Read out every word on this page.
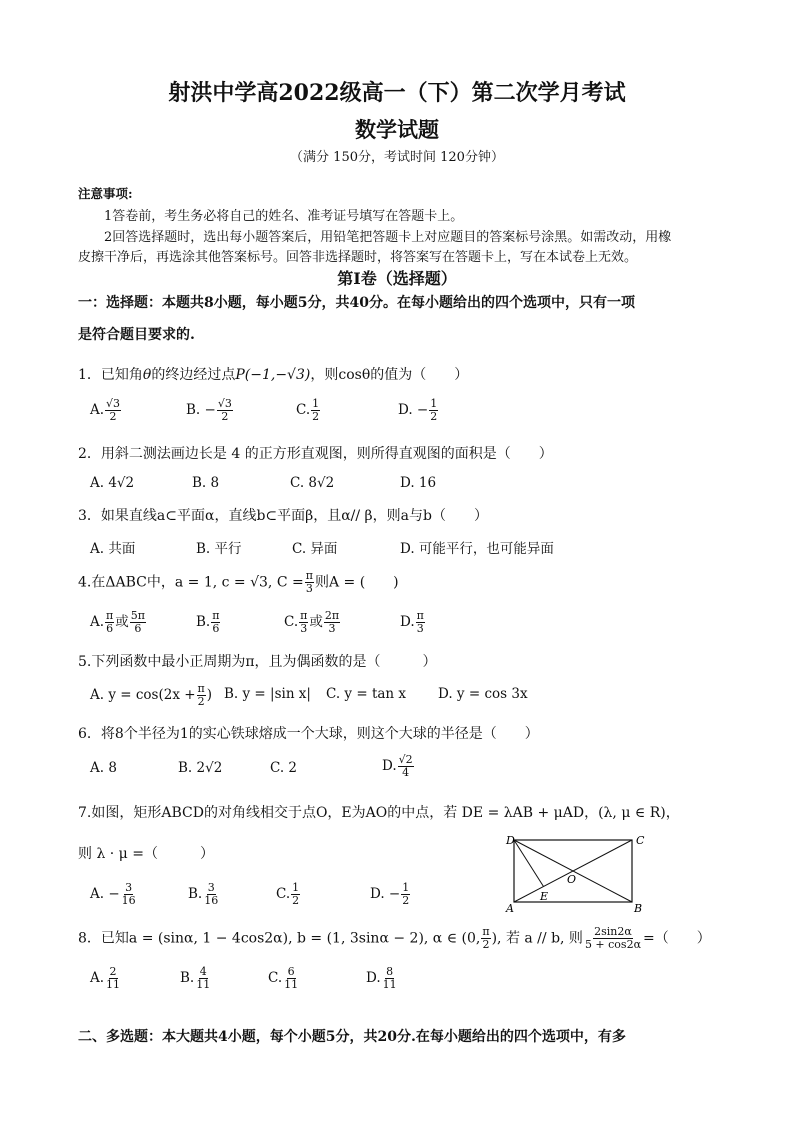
射洪中学高2022级高一（下）第二次学月考试
数学试题
（满分 150分，考试时间 120分钟）
注意事项:
1答卷前，考生务必将自己的姓名、准考证号填写在答题卡上。
2回答选择题时，选出每小题答案后，用铅笔把答题卡上对应题目的答案标号涂黑。如需改动，用橡
皮擦干净后，再选涂其他答案标号。回答非选择题时，将答案写在答题卡上，写在本试卷上无效。
第Ⅰ卷（选择题）
一：选择题：本题共8小题，每小题5分，共40分。在每小题给出的四个选项中，只有一项
是符合题目要求的.
1．已知角θ的终边经过点P(−1,−√3)，则cosθ的值为（　　）
A. $\frac{√3}{2}$	B. − $\frac{√3}{2}$	C. $\frac{1}{2}$	D. − $\frac{1}{2}$
2．用斜二测法画边长是 4 的正方形直观图，则所得直观图的面积是（　　）
A. 4√2	B. 8	C. 8√2	D. 16
3．如果直线a⊂平面α，直线b⊂平面β，且α// β，则a与b（　　）
A. 共面	B. 平行	C. 异面	D. 可能平行，也可能异面
4.在ΔABC中，a = 1, c = √3, $C = \frac{\pi}{3}$ 则A = (　　)
A. $\frac{\pi}{6}$ 或 $\frac{5\pi}{6}$	B. $\frac{\pi}{6}$	C. $\frac{\pi}{3}$ 或 $\frac{2\pi}{3}$	D. $\frac{\pi}{3}$
5.下列函数中最小正周期为π，且为偶函数的是（　　　）
A. $y = \cos(2x + \frac{\pi}{2}$ ) B. y = |sin x| C. y = tan x D. y = cos 3x
6．将8个半径为1的实心铁球熔成一个大球，则这个大球的半径是（　　）
A. 8	B. 2√2	C. 2	D. $\frac{√2}{4}$
7.如图，矩形ABCD的对角线相交于点O，E为AO的中点，若 DE = λAB + μAD，(λ, μ ∈ R)，
则 λ · μ =（　　　）
A. − $\frac{3}{16}$	B. $\frac{3}{16}$	C. $\frac{1}{2}$	D. − $\frac{1}{2}$
D	C
A	B
E
O
8．已知a = (sinα, 1 − 4cos2α), b = (1, 3sinα − 2), α ∈ (0, $\frac{\pi}{2}$ ), 若 a // b, 则 $\frac{2\sin 2\alpha}{5 + \cos 2\alpha}$ =（　　）
A. $\frac{2}{11}$	B. $\frac{4}{11}$	C. $\frac{6}{11}$	D. $\frac{8}{11}$
二、多选题：本大题共4小题，每个小题5分，共20分.在每小题给出的四个选项中，有多
